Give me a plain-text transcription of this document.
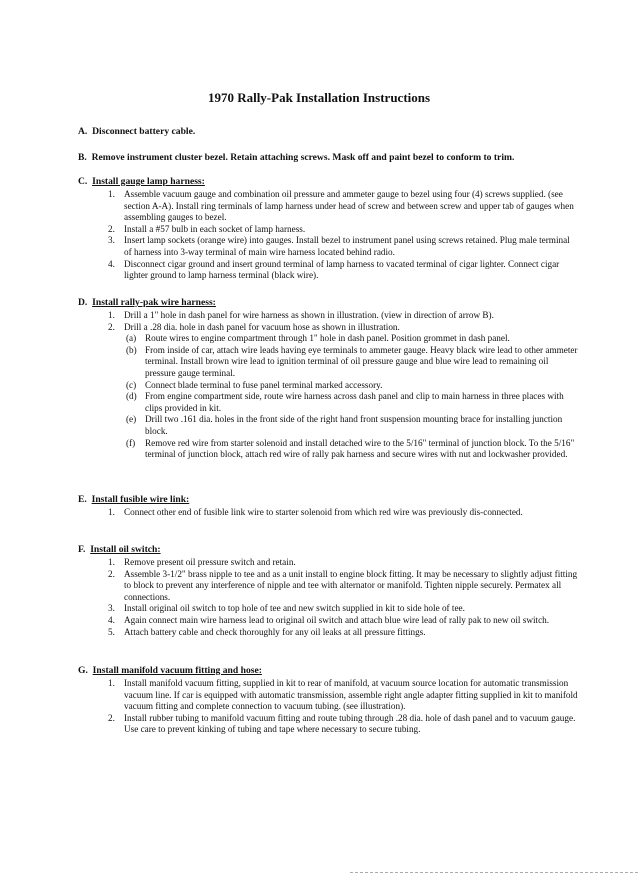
1970 Rally-Pak Installation Instructions
A. Disconnect battery cable.
B. Remove instrument cluster bezel. Retain attaching screws. Mask off and paint bezel to conform to trim.
C. Install gauge lamp harness:
1. Assemble vacuum gauge and combination oil pressure and ammeter gauge to bezel using four (4) screws supplied. (see section A-A). Install ring terminals of lamp harness under head of screw and between screw and upper tab of gauges when assembling gauges to bezel.
2. Install a #57 bulb in each socket of lamp harness.
3. Insert lamp sockets (orange wire) into gauges. Install bezel to instrument panel using screws retained. Plug male terminal of harness into 3-way terminal of main wire harness located behind radio.
4. Disconnect cigar ground and insert ground terminal of lamp harness to vacated terminal of cigar lighter. Connect cigar lighter ground to lamp harness terminal (black wire).
D. Install rally-pak wire harness:
1. Drill a 1" hole in dash panel for wire harness as shown in illustration. (view in direction of arrow B).
2. Drill a .28 dia. hole in dash panel for vacuum hose as shown in illustration.
(a) Route wires to engine compartment through 1" hole in dash panel. Position grommet in dash panel.
(b) From inside of car, attach wire leads having eye terminals to ammeter gauge. Heavy black wire lead to other ammeter terminal. Install brown wire lead to ignition terminal of oil pressure gauge and blue wire lead to remaining oil pressure gauge terminal.
(c) Connect blade terminal to fuse panel terminal marked accessory.
(d) From engine compartment side, route wire harness across dash panel and clip to main harness in three places with clips provided in kit.
(e) Drill two .161 dia. holes in the front side of the right hand front suspension mounting brace for installing junction block.
(f) Remove red wire from starter solenoid and install detached wire to the 5/16" terminal of junction block. To the 5/16" terminal of junction block, attach red wire of rally pak harness and secure wires with nut and lockwasher provided.
E. Install fusible wire link:
1. Connect other end of fusible link wire to starter solenoid from which red wire was previously dis-connected.
F. Install oil switch:
1. Remove present oil pressure switch and retain.
2. Assemble 3-1/2" brass nipple to tee and as a unit install to engine block fitting. It may be necessary to slightly adjust fitting to block to prevent any interference of nipple and tee with alternator or manifold. Tighten nipple securely. Permatex all connections.
3. Install original oil switch to top hole of tee and new switch supplied in kit to side hole of tee.
4. Again connect main wire harness lead to original oil switch and attach blue wire lead of rally pak to new oil switch.
5. Attach battery cable and check thoroughly for any oil leaks at all pressure fittings.
G. Install manifold vacuum fitting and hose:
1. Install manifold vacuum fitting, supplied in kit to rear of manifold, at vacuum source location for automatic transmission vacuum line. If car is equipped with automatic transmission, assemble right angle adapter fitting supplied in kit to manifold vacuum fitting and complete connection to vacuum tubing. (see illustration).
2. Install rubber tubing to manifold vacuum fitting and route tubing through .28 dia. hole of dash panel and to vacuum gauge. Use care to prevent kinking of tubing and tape where necessary to secure tubing.
